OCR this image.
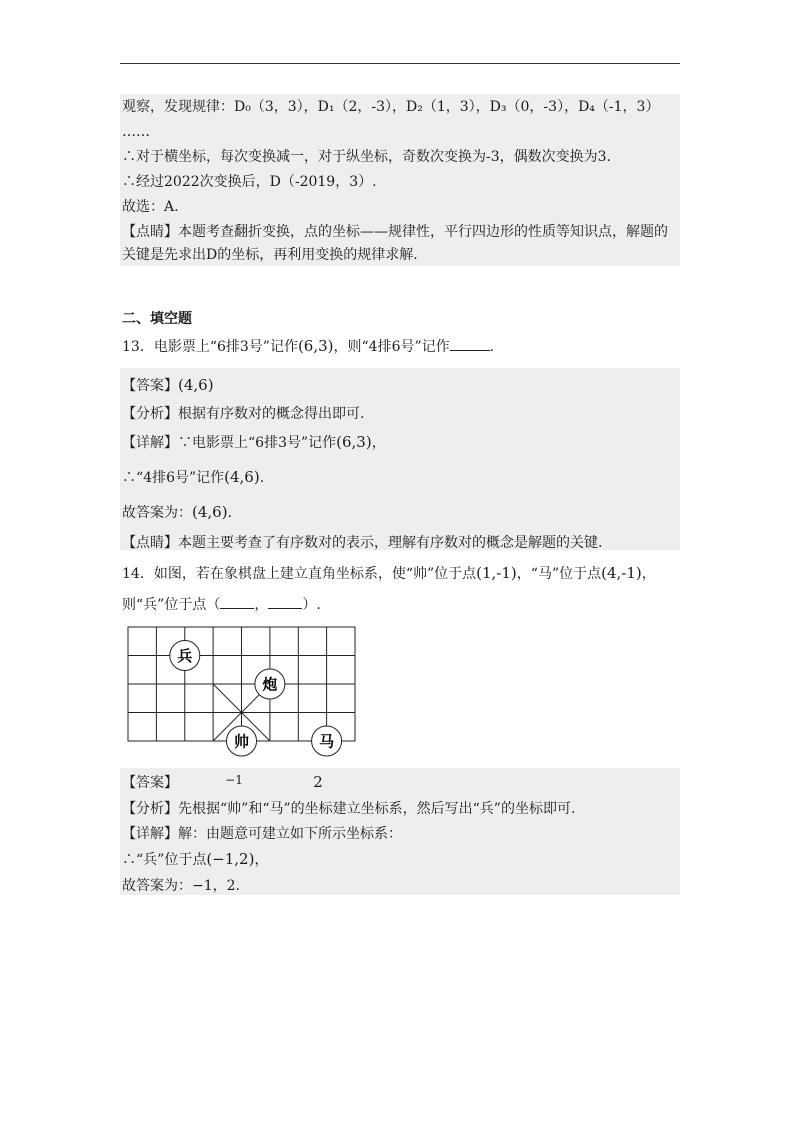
观察，发现规律：D₀（3，3），D₁（2，-3），D₂（1，3），D₃（0，-3），D₄（-1，3）
……
∴对于横坐标，每次变换减一，对于纵坐标，奇数次变换为-3，偶数次变换为3.
∴经过2022次变换后，D（-2019，3）.
故选：A.
【点睛】本题考查翻折变换，点的坐标——规律性，平行四边形的性质等知识点，解题的
关键是先求出D的坐标，再利用变换的规律求解.
二、填空题
13．电影票上“6排3号”记作(6,3)，则“4排6号”记作	.
【答案】(4,6)
【分析】根据有序数对的概念得出即可.
【详解】∵电影票上“6排3号”记作(6,3)，
∴“4排6号”记作(4,6).
故答案为：(4,6).
【点睛】本题主要考查了有序数对的表示，理解有序数对的概念是解题的关键.
14．如图，若在象棋盘上建立直角坐标系，使“帅”位于点(1,-1)，“马”位于点(4,-1)，
则“兵”位于点（ ， ）.
兵
炮
帅	马
【答案】	−1	2
【分析】先根据“帅”和“马”的坐标建立坐标系，然后写出“兵”的坐标即可.
【详解】解：由题意可建立如下所示坐标系：
∴“兵”位于点(−1,2)，
故答案为：−1，2.
